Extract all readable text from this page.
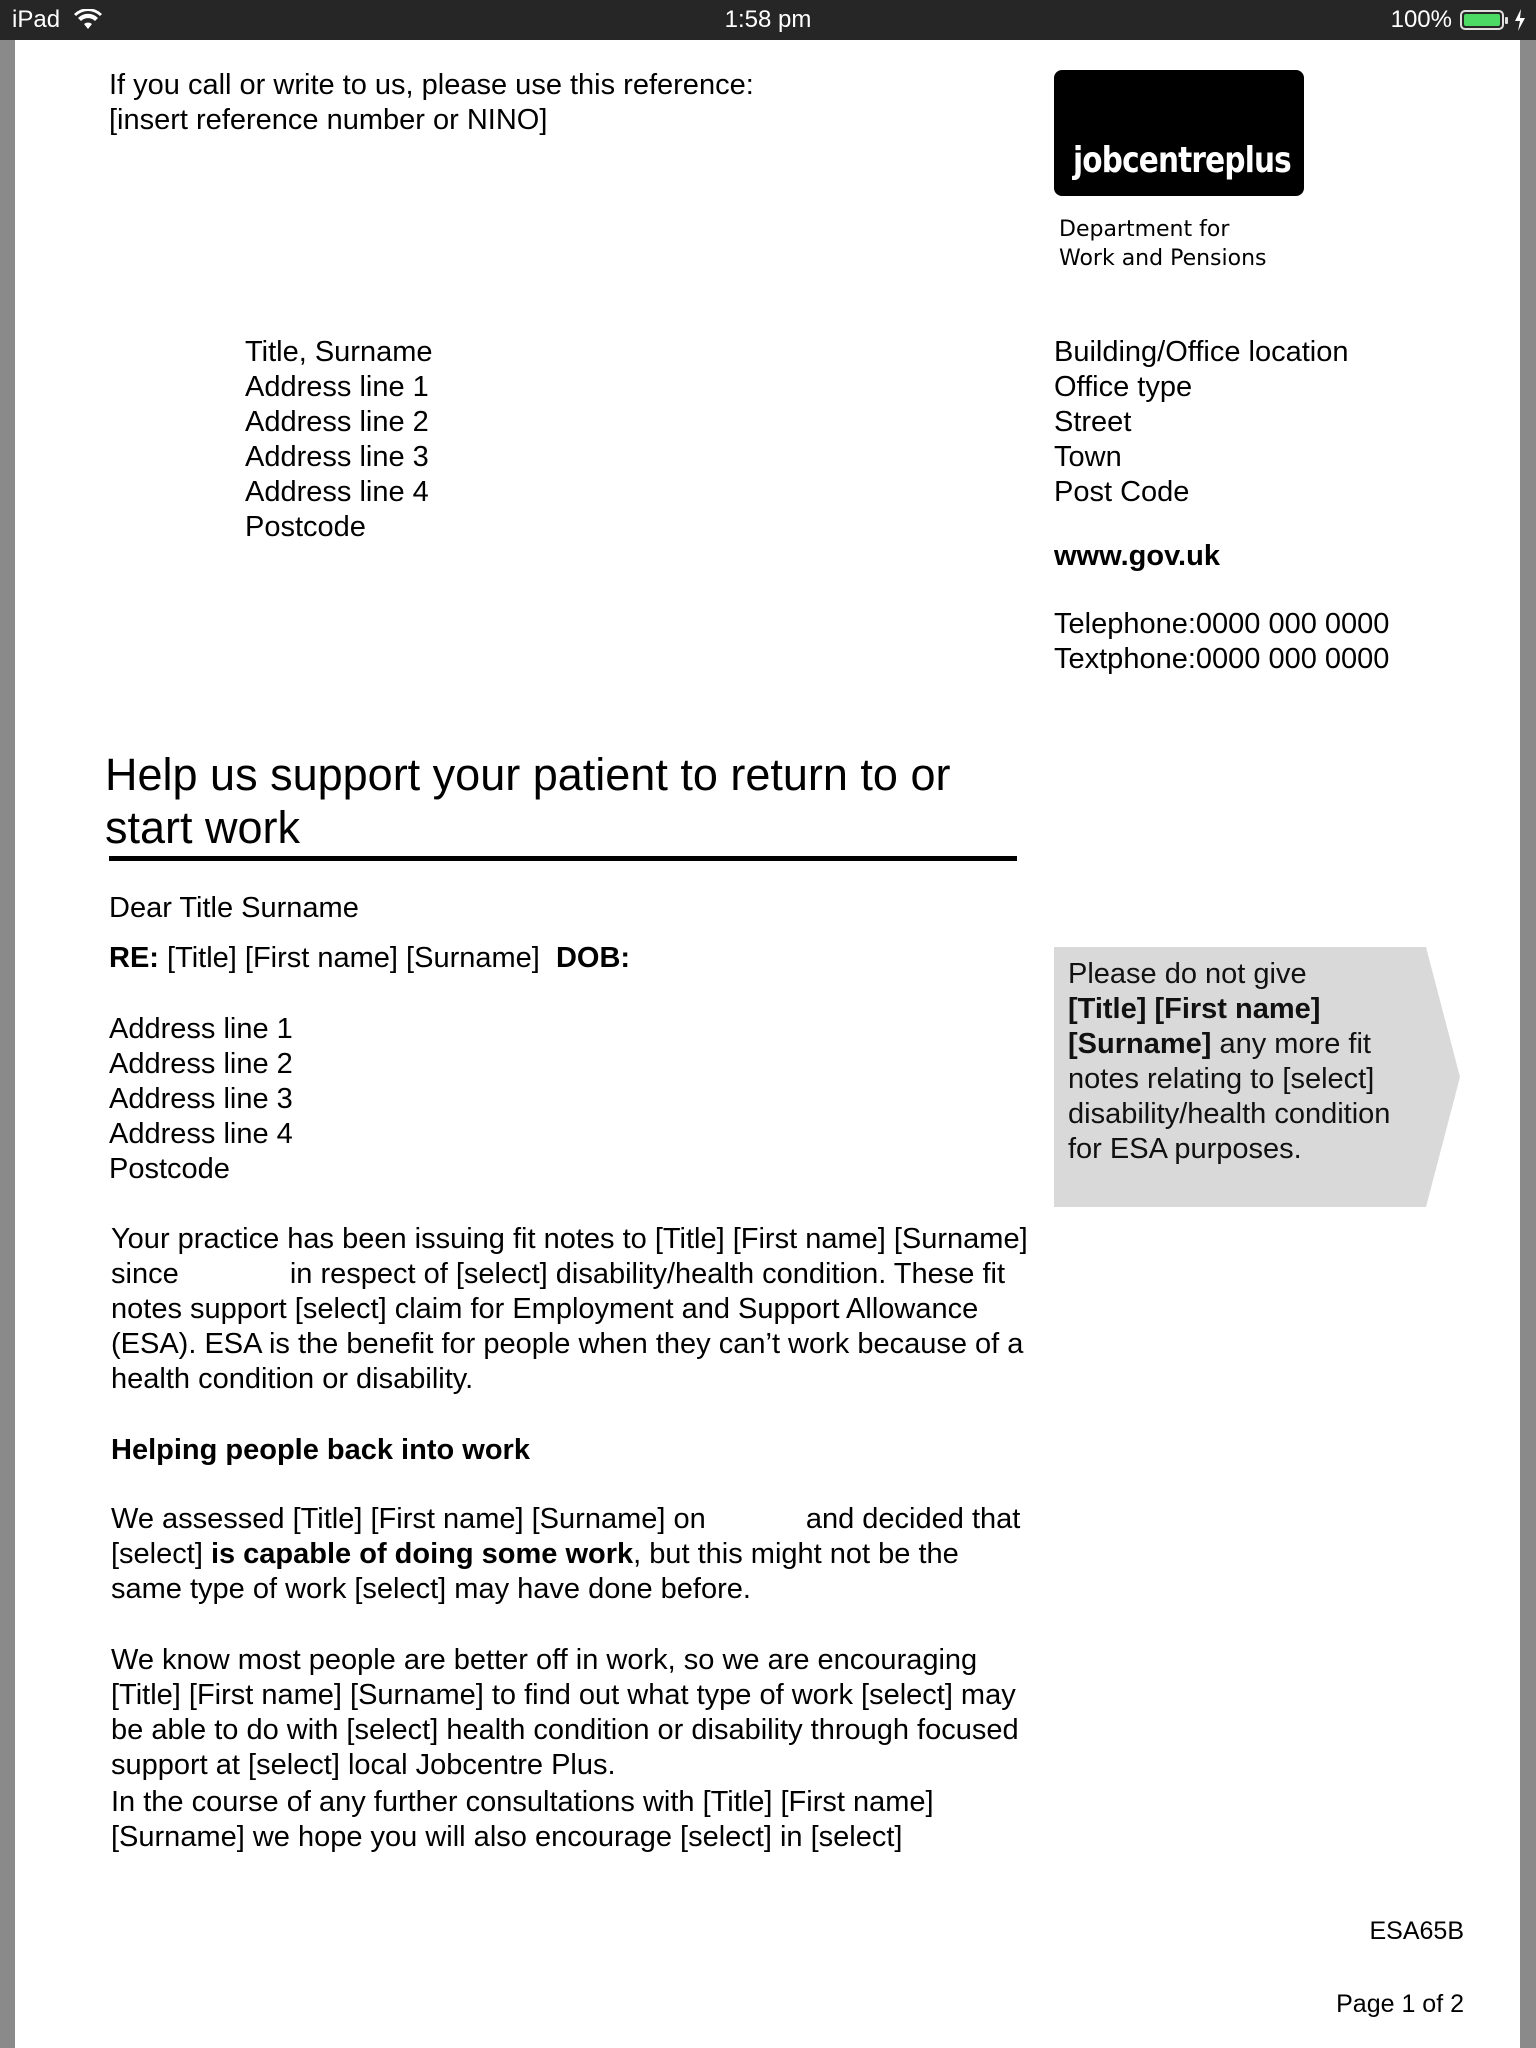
iPad	1:58 pm	100%
If you call or write to us, please use this reference:
[insert reference number or NINO]
jobcentreplus
Department for
Work and Pensions
Title, Surname
Address line 1
Address line 2
Address line 3
Address line 4
Postcode
Building/Office location
Office type
Street
Town
Post Code
www.gov.uk
Telephone:0000 000 0000
Textphone:0000 000 0000
Help us support your patient to return to or start work
Dear Title Surname
RE: [Title] [First name] [Surname] DOB:
Address line 1
Address line 2
Address line 3
Address line 4
Postcode
Your practice has been issuing fit notes to [Title] [First name] [Surname] since	in respect of [select] disability/health condition. These fit notes support [select] claim for Employment and Support Allowance (ESA). ESA is the benefit for people when they can’t work because of a health condition or disability.
Helping people back into work
We assessed [Title] [First name] [Surname] on	and decided that [select] is capable of doing some work, but this might not be the same type of work [select] may have done before.
We know most people are better off in work, so we are encouraging [Title] [First name] [Surname] to find out what type of work [select] may be able to do with [select] health condition or disability through focused support at [select] local Jobcentre Plus.
In the course of any further consultations with [Title] [First name] [Surname] we hope you will also encourage [select] in [select]
Please do not give
[Title] [First name] [Surname] any more fit notes relating to [select] disability/health condition for ESA purposes.
ESA65B
Page 1 of 2
